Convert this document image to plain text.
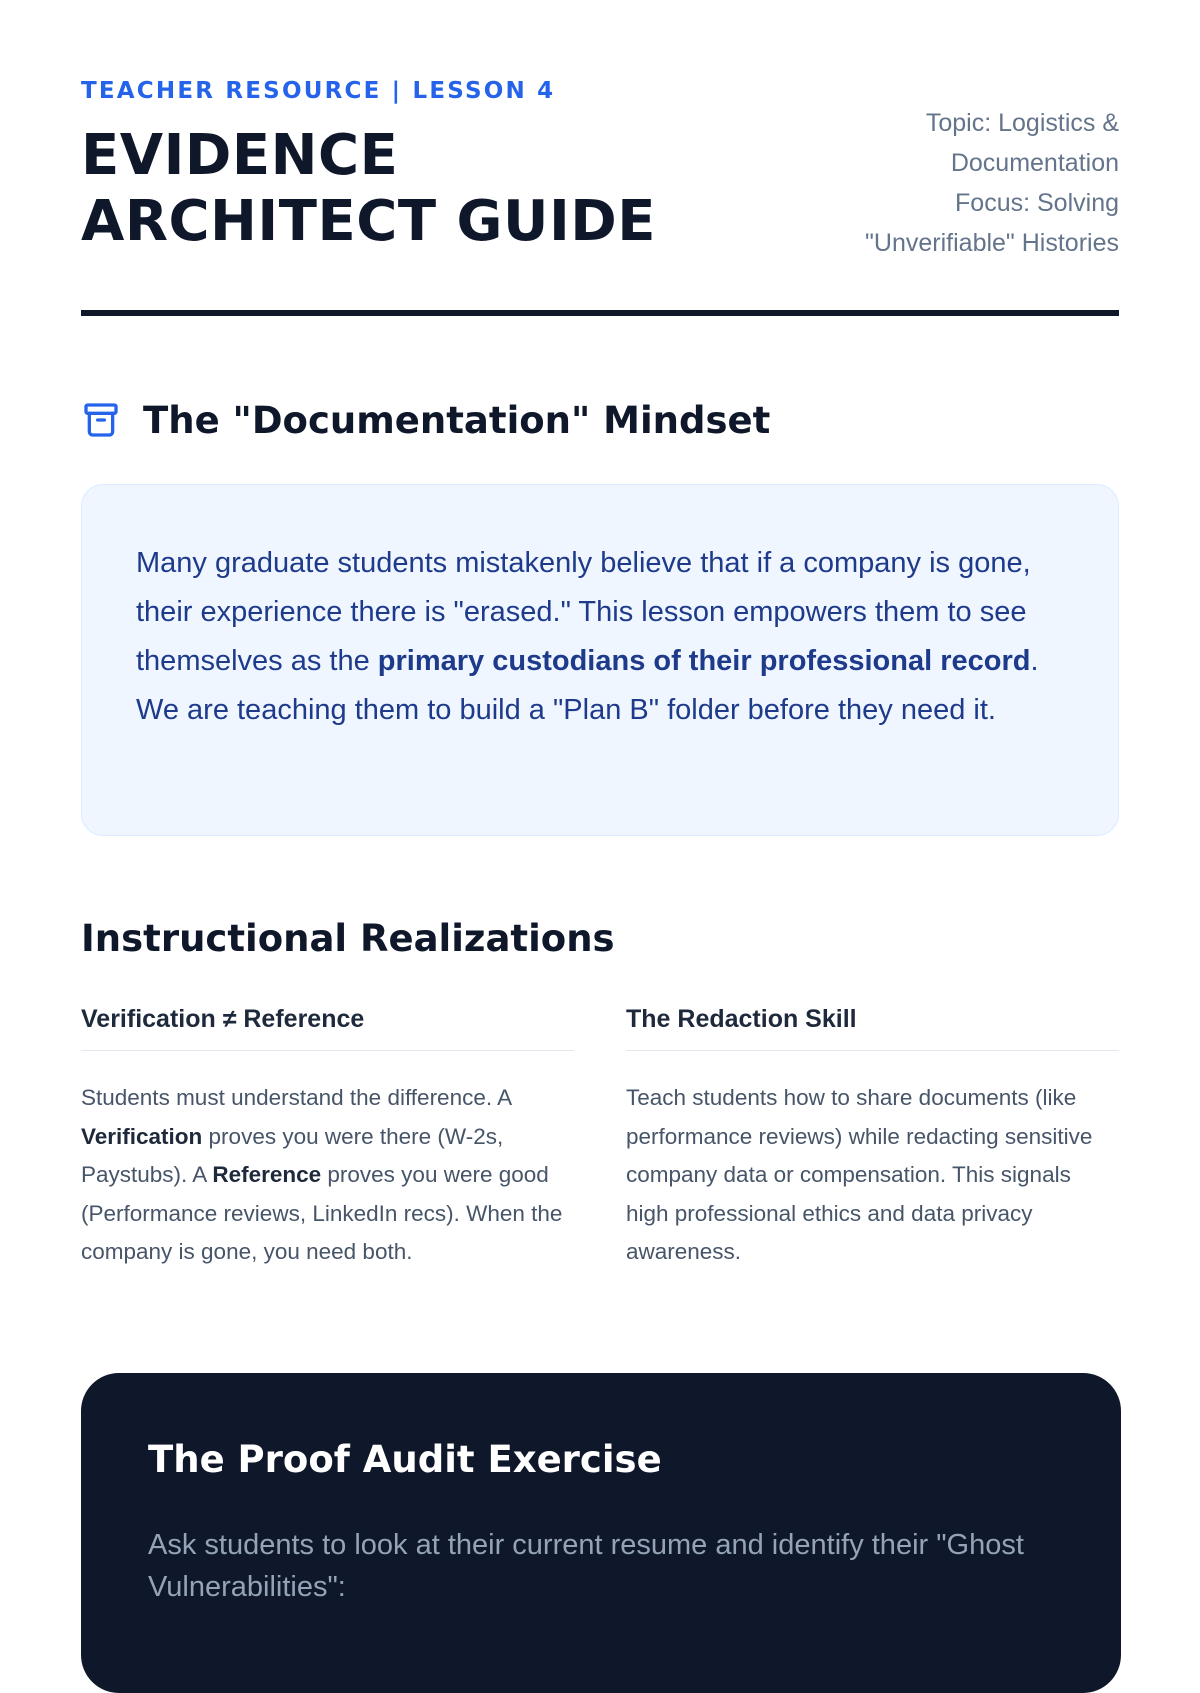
TEACHER RESOURCE | LESSON 4
EVIDENCE
ARCHITECT GUIDE
Topic: Logistics &
Documentation
Focus: Solving
"Unverifiable" Histories
The "Documentation" Mindset
Many graduate students mistakenly believe that if a company is gone, their experience there is "erased." This lesson empowers them to see themselves as the primary custodians of their professional record. We are teaching them to build a "Plan B" folder before they need it.
Instructional Realizations
Verification ≠ Reference
Students must understand the difference. A Verification proves you were there (W-2s, Paystubs). A Reference proves you were good (Performance reviews, LinkedIn recs). When the company is gone, you need both.
The Redaction Skill
Teach students how to share documents (like performance reviews) while redacting sensitive company data or compensation. This signals high professional ethics and data privacy awareness.
The Proof Audit Exercise
Ask students to look at their current resume and identify their "Ghost Vulnerabilities":
